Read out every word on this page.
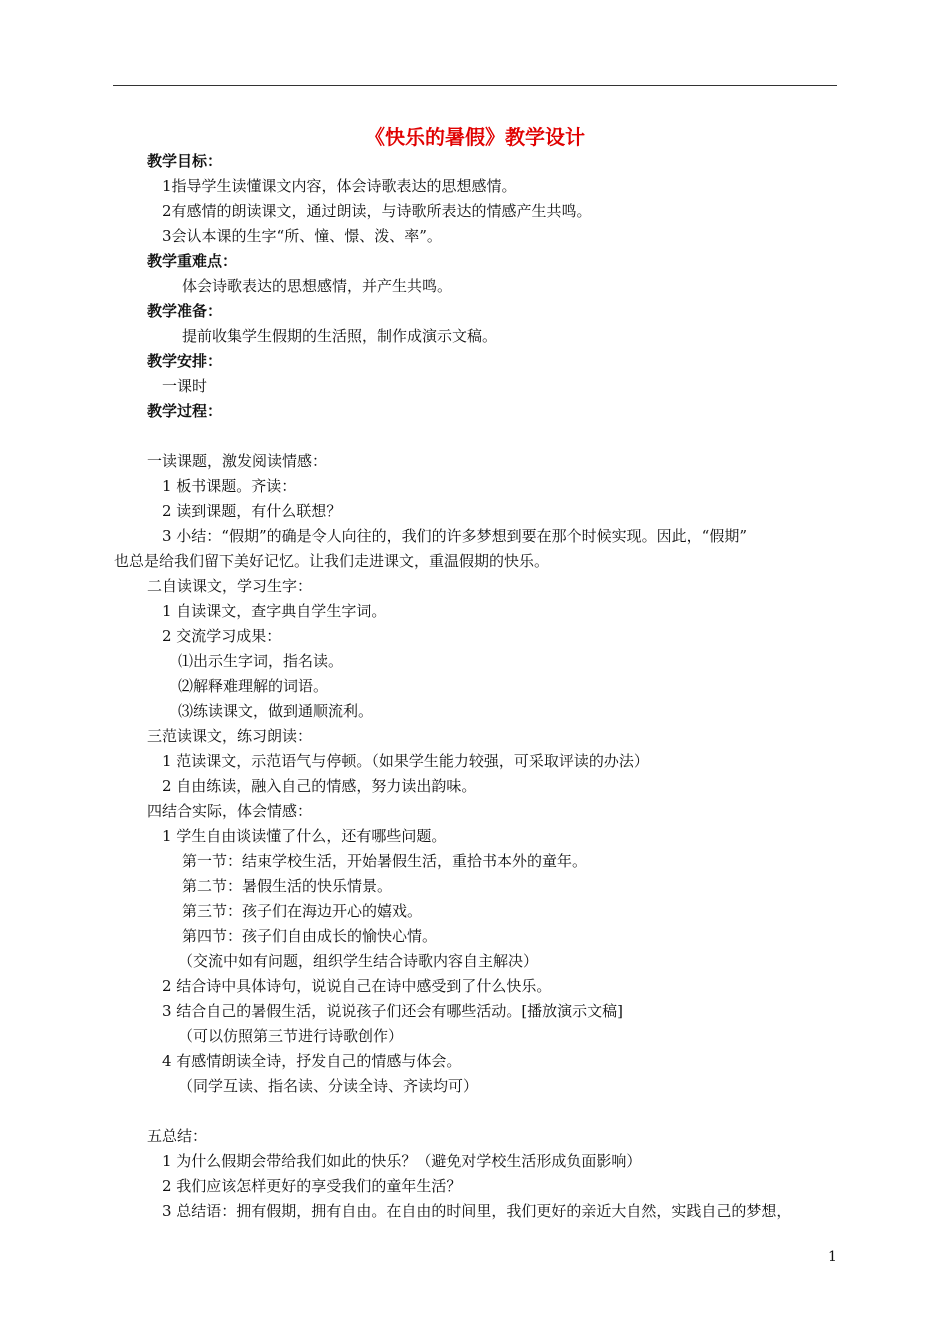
《快乐的暑假》教学设计
教学目标：
1指导学生读懂课文内容，体会诗歌表达的思想感情。
2有感情的朗读课文，通过朗读，与诗歌所表达的情感产生共鸣。
3会认本课的生字“所、憧、憬、泼、率”。
教学重难点：
体会诗歌表达的思想感情，并产生共鸣。
教学准备：
提前收集学生假期的生活照，制作成演示文稿。
教学安排：
一课时
教学过程：
一读课题，激发阅读情感：
1 板书课题。齐读：
2 读到课题，有什么联想？
3 小结：“假期”的确是令人向往的，我们的许多梦想到要在那个时候实现。因此，“假期”
也总是给我们留下美好记忆。让我们走进课文，重温假期的快乐。
二自读课文，学习生字：
1 自读课文，查字典自学生字词。
2 交流学习成果：
⑴出示生字词，指名读。
⑵解释难理解的词语。
⑶练读课文，做到通顺流利。
三范读课文，练习朗读：
1 范读课文，示范语气与停顿。（如果学生能力较强，可采取评读的办法）
2 自由练读，融入自己的情感，努力读出韵味。
四结合实际，体会情感：
1 学生自由谈读懂了什么，还有哪些问题。
第一节：结束学校生活，开始暑假生活，重拾书本外的童年。
第二节：暑假生活的快乐情景。
第三节：孩子们在海边开心的嬉戏。
第四节：孩子们自由成长的愉快心情。
（交流中如有问题，组织学生结合诗歌内容自主解决）
2 结合诗中具体诗句，说说自己在诗中感受到了什么快乐。
3 结合自己的暑假生活，说说孩子们还会有哪些活动。[播放演示文稿]
（可以仿照第三节进行诗歌创作）
4 有感情朗读全诗，抒发自己的情感与体会。
（同学互读、指名读、分读全诗、齐读均可）
五总结：
1 为什么假期会带给我们如此的快乐？（避免对学校生活形成负面影响）
2 我们应该怎样更好的享受我们的童年生活？
3 总结语：拥有假期，拥有自由。在自由的时间里，我们更好的亲近大自然，实践自己的梦想，
1
